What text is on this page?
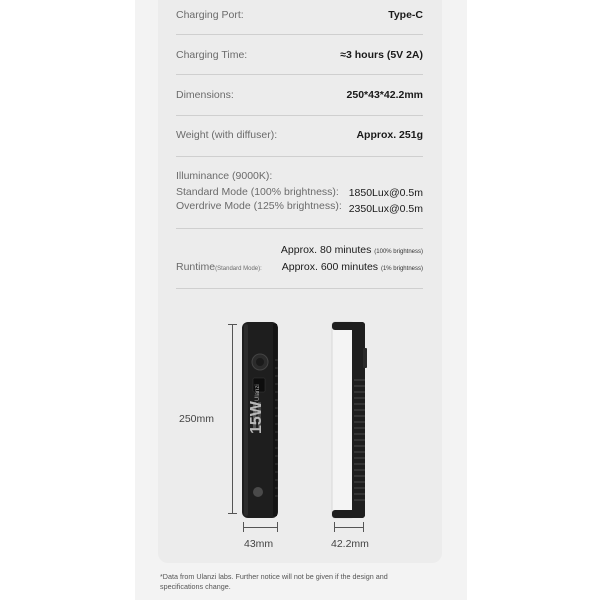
Charging Port:	Type-C
Charging Time:	≈3 hours (5V 2A)
Dimensions:	250*43*42.2mm
Weight (with diffuser):	Approx. 251g
Illuminance (9000K):
Standard Mode (100% brightness): 1850Lux@0.5m
Overdrive Mode (125% brightness): 2350Lux@0.5m
Runtime(Standard Mode):
Approx. 80 minutes (100% brightness)
Approx. 600 minutes (1% brightness)
250mm 15W
Ulanzi
43mm	42.2mm
*Data from Ulanzi labs. Further notice will not be given if the design and specifications change.
